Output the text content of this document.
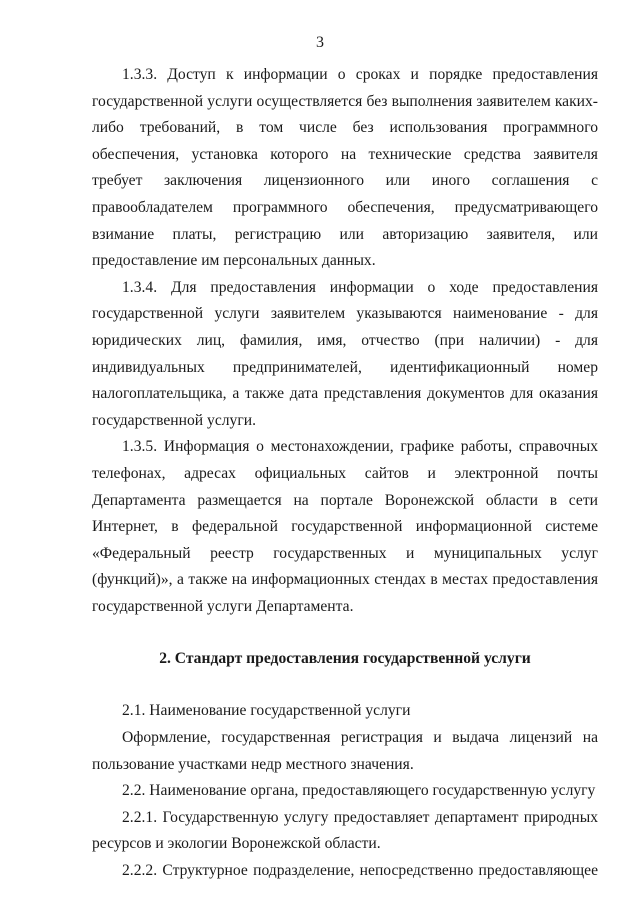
3

1.3.3. Доступ к информации о сроках и порядке предоставления государственной услуги осуществляется без выполнения заявителем каких-либо требований, в том числе без использования программного обеспечения, установка которого на технические средства заявителя требует заключения лицензионного или иного соглашения с правообладателем программного обеспечения, предусматривающего взимание платы, регистрацию или авторизацию заявителя, или предоставление им персональных данных.

1.3.4. Для предоставления информации о ходе предоставления государственной услуги заявителем указываются наименование - для юридических лиц, фамилия, имя, отчество (при наличии) - для индивидуальных предпринимателей, идентификационный номер налогоплательщика, а также дата представления документов для оказания государственной услуги.

1.3.5. Информация о местонахождении, графике работы, справочных телефонах, адресах официальных сайтов и электронной почты Департамента размещается на портале Воронежской области в сети Интернет, в федеральной государственной информационной системе «Федеральный реестр государственных и муниципальных услуг (функций)», а также на информационных стендах в местах предоставления государственной услуги Департамента.

2. Стандарт предоставления государственной услуги

2.1. Наименование государственной услуги

Оформление, государственная регистрация и выдача лицензий на пользование участками недр местного значения.

2.2. Наименование органа, предоставляющего государственную услугу

2.2.1. Государственную услугу предоставляет департамент природных ресурсов и экологии Воронежской области.

2.2.2. Структурное подразделение, непосредственно предоставляющее
